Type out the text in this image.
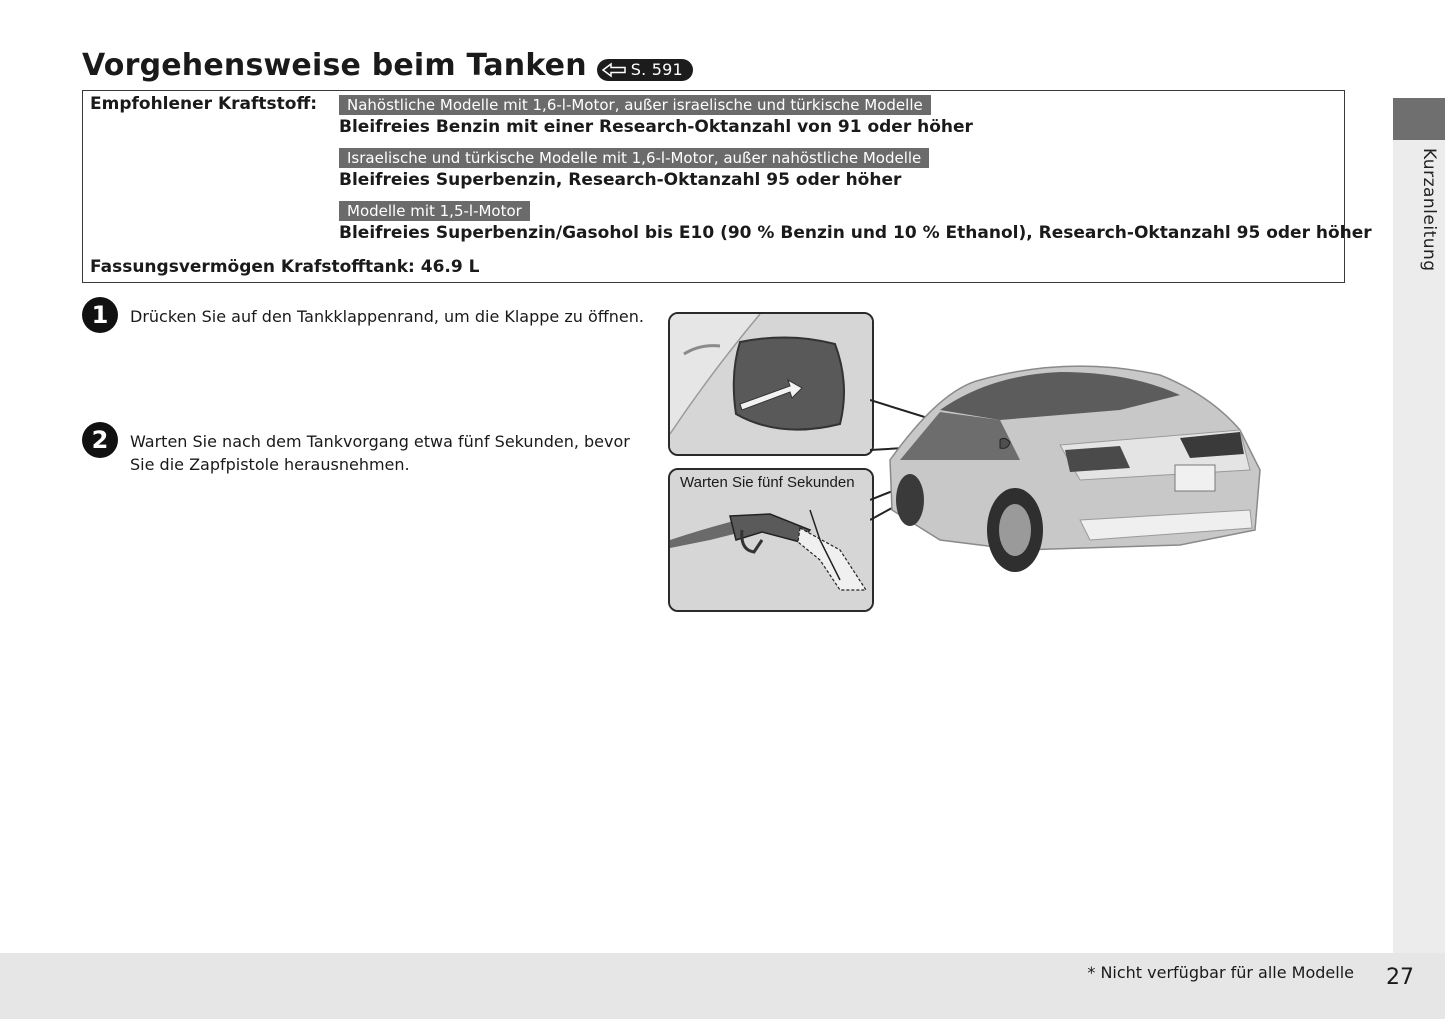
Vorgehensweise beim Tanken	S. 591
Empfohlener Kraftstoff:	Nahöstliche Modelle mit 1,6-l-Motor, außer israelische und türkische Modelle
Bleifreies Benzin mit einer Research-Oktanzahl von 91 oder höher
Israelische und türkische Modelle mit 1,6-l-Motor, außer nahöstliche Modelle
Bleifreies Superbenzin, Research-Oktanzahl 95 oder höher
Modelle mit 1,5-l-Motor
Bleifreies Superbenzin/Gasohol bis E10 (90 % Benzin und 10 % Ethanol), Research-Oktanzahl 95 oder höher
Fassungsvermögen Krafstofftank: 46.9 L
1	Drücken Sie auf den Tankklappenrand, um die Klappe zu öffnen.
2	Warten Sie nach dem Tankvorgang etwa fünf Sekunden, bevor Sie die Zapfpistole herausnehmen.
Warten Sie fünf Sekunden
Kurzanleitung
* Nicht verfügbar für alle Modelle 27
